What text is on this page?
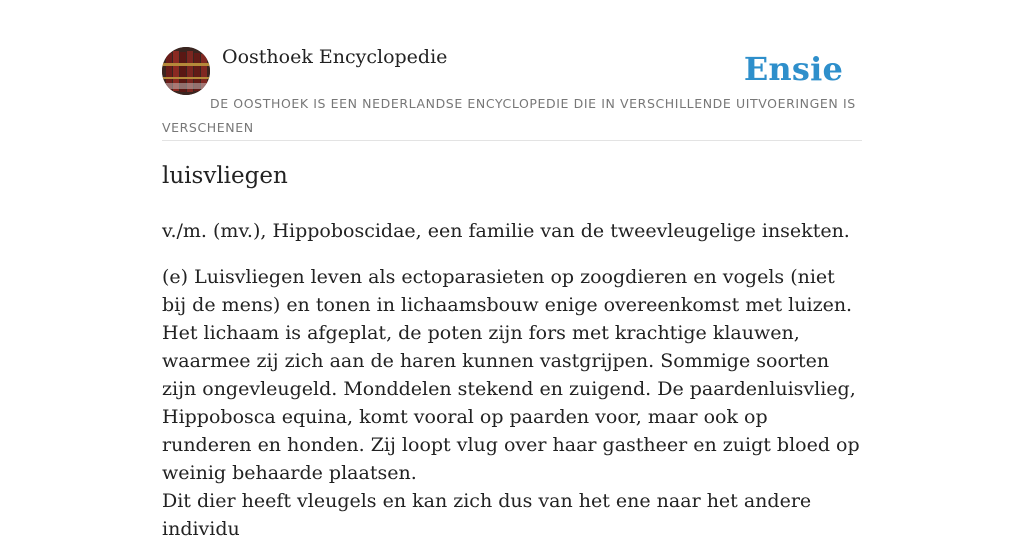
Oosthoek Encyclopedie	Ensie
DE OOSTHOEK IS EEN NEDERLANDSE ENCYCLOPEDIE DIE IN VERSCHILLENDE UITVOERINGEN IS VERSCHENEN
luisvliegen

v./m. (mv.), Hippoboscidae, een familie van de tweevleugelige insekten.

(e) Luisvliegen leven als ectoparasieten op zoogdieren en vogels (niet bij de mens) en tonen in lichaamsbouw enige overeenkomst met luizen. Het lichaam is afgeplat, de poten zijn fors met krachtige klauwen, waarmee zij zich aan de haren kunnen vastgrijpen. Sommige soorten zijn ongevleugeld. Monddelen stekend en zuigend. De paardenluisvlieg, Hippobosca equina, komt vooral op paarden voor, maar ook op runderen en honden. Zij loopt vlug over haar gastheer en zuigt bloed op weinig behaarde plaatsen.

Dit dier heeft vleugels en kan zich dus van het ene naar het andere individu
